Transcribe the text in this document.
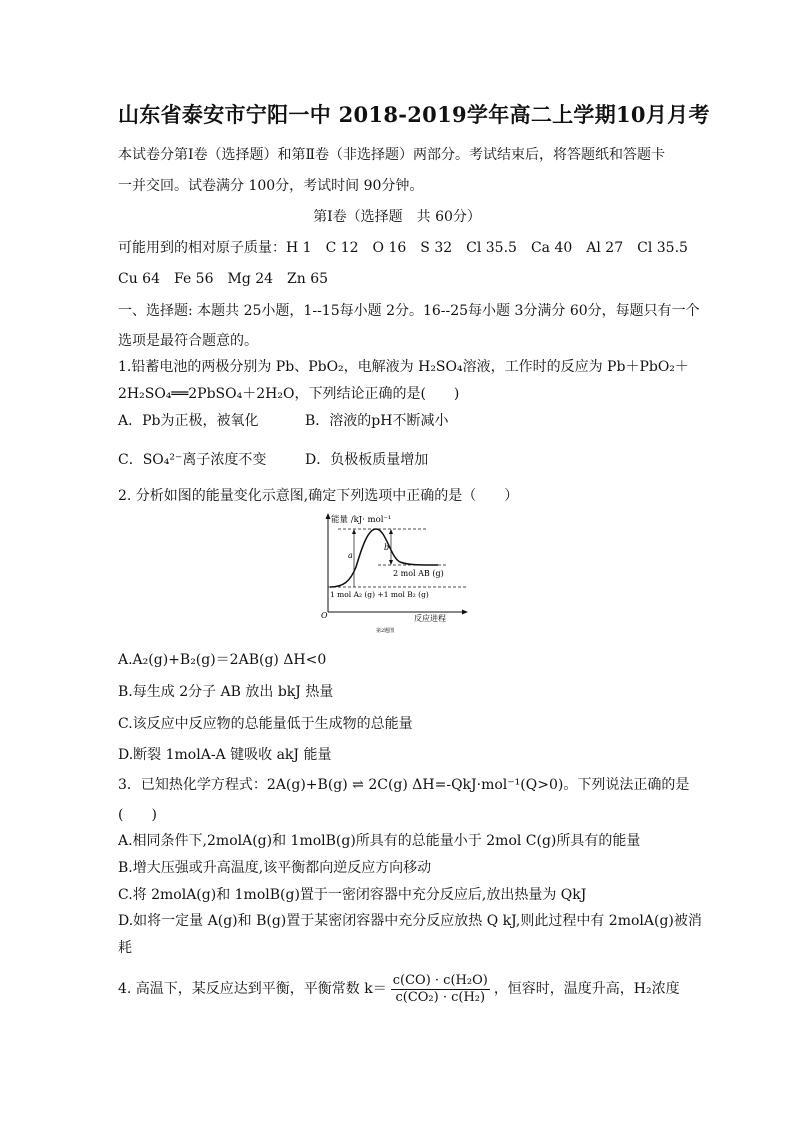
山东省泰安市宁阳一中 2018-2019学年高二上学期10月月考
本试卷分第Ⅰ卷（选择题）和第Ⅱ卷（非选择题）两部分。考试结束后，将答题纸和答题卡
一并交回。试卷满分 100分，考试时间 90分钟。
第Ⅰ卷（选择题　共 60分）
可能用到的相对原子质量：H 1　C 12　O 16　S 32　Cl 35.5　Ca 40　Al 27　Cl 35.5
Cu 64　Fe 56　Mg 24　Zn 65
一、选择题: 本题共 25小题，1--15每小题 2分。16--25每小题 3分满分 60分，每题只有一个
选项是最符合题意的。
1.铅蓄电池的两极分别为 Pb、PbO₂，电解液为 H₂SO₄溶液，工作时的反应为 Pb＋PbO₂＋
2H₂SO₄══2PbSO₄＋2H₂O，下列结论正确的是(　　)
A．Pb为正极，被氧化	B．溶液的pH不断减小
C．SO₄²⁻离子浓度不变	D．负极板质量增加
2. 分析如图的能量变化示意图,确定下列选项中正确的是（　　）
能量 /kJ· mol⁻¹
a
b
2 mol AB (g)
1 mol A₂ (g) +1 mol B₂ (g)
O	反应进程
第2题图
A.A₂(g)+B₂(g)＝2AB(g) ΔH<0
B.每生成 2分子 AB 放出 bkJ 热量
C.该反应中反应物的总能量低于生成物的总能量
D.断裂 1molA-A 键吸收 akJ 能量
3．已知热化学方程式：2A(g)+B(g) ⇌ 2C(g) ΔH=-QkJ·mol⁻¹(Q>0)。下列说法正确的是
(　　)
A.相同条件下,2molA(g)和 1molB(g)所具有的总能量小于 2mol C(g)所具有的能量
B.增大压强或升高温度,该平衡都向逆反应方向移动
C.将 2molA(g)和 1molB(g)置于一密闭容器中充分反应后,放出热量为 QkJ
D.如将一定量 A(g)和 B(g)置于某密闭容器中充分反应放热 Q kJ,则此过程中有 2molA(g)被消
耗
4. 高温下，某反应达到平衡，平衡常数 $k= \frac{\text{c(CO) · c(H₂O)}}{\text{c(CO₂) · c(H₂)}}$ ，恒容时，温度升高，H₂浓度
